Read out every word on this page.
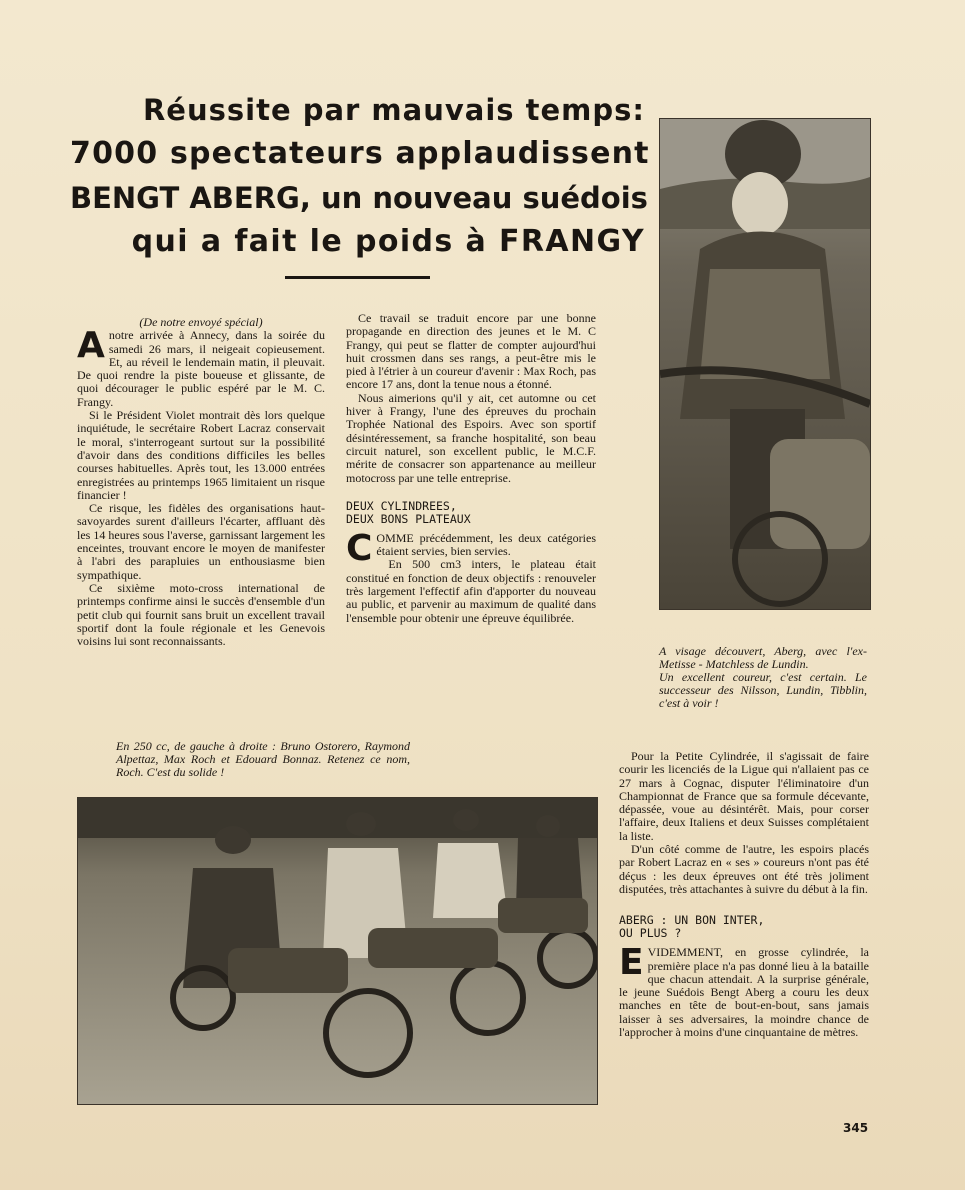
Réussite par mauvais temps:
7000 spectateurs applaudissent
BENGT ABERG, un nouveau suédois
qui a fait le poids à FRANGY

(De notre envoyé spécial)

Anotre arrivée à Annecy, dans la soirée du samedi 26 mars, il neigeait copieusement. Et, au réveil le lendemain matin, il pleuvait. De quoi rendre la piste boueuse et glissante, de quoi décourager le public espéré par le M. C. Frangy.

Si le Président Violet montrait dès lors quelque inquiétude, le secrétaire Robert Lacraz conservait le moral, s'interrogeant surtout sur la possibilité d'avoir dans des conditions difficiles les belles courses habituelles. Après tout, les 13.000 entrées enregistrées au printemps 1965 limitaient un risque financier !

Ce risque, les fidèles des organisations haut-savoyardes surent d'ailleurs l'écarter, affluant dès les 14 heures sous l'averse, garnissant largement les enceintes, trouvant encore le moyen de manifester à l'abri des parapluies un enthousiasme bien sympathique.

Ce sixième moto-cross international de printemps confirme ainsi le succès d'ensemble d'un petit club qui fournit sans bruit un excellent travail sportif dont la foule régionale et les Genevois voisins lui sont reconnaissants.

Ce travail se traduit encore par une bonne propagande en direction des jeunes et le M. C Frangy, qui peut se flatter de compter aujourd'hui huit crossmen dans ses rangs, a peut-être mis le pied à l'étrier à un coureur d'avenir : Max Roch, pas encore 17 ans, dont la tenue nous a étonné.

Nous aimerions qu'il y ait, cet automne ou cet hiver à Frangy, l'une des épreuves du prochain Trophée National des Espoirs. Avec son sportif désintéressement, sa franche hospitalité, son beau circuit naturel, son excellent public, le M.C.F. mérite de consacrer son appartenance au meilleur motocross par une telle entreprise.

DEUX CYLINDREES,
DEUX BONS PLATEAUX

COMME précédemment, les deux catégories étaient servies, bien servies.

En 500 cm3 inters, le plateau était constitué en fonction de deux objectifs : renouveler très largement l'effectif afin d'apporter du nouveau au public, et parvenir au maximum de qualité dans l'ensemble pour obtenir une épreuve équilibrée.

A visage découvert, Aberg, avec l'ex-Metisse - Matchless de Lundin.
Un excellent coureur, c'est certain. Le successeur des Nilsson, Lundin, Tibblin, c'est à voir !
En 250 cc, de gauche à droite : Bruno Ostorero, Raymond Alpettaz, Max Roch et Edouard Bonnaz. Retenez ce nom, Roch. C'est du solide !

Pour la Petite Cylindrée, il s'agissait de faire courir les licenciés de la Ligue qui n'allaient pas ce 27 mars à Cognac, disputer l'éliminatoire d'un Championnat de France que sa formule décevante, dépassée, voue au désintérêt. Mais, pour corser l'affaire, deux Italiens et deux Suisses complétaient la liste.

D'un côté comme de l'autre, les espoirs placés par Robert Lacraz en « ses » coureurs n'ont pas été déçus : les deux épreuves ont été très joliment disputées, très attachantes à suivre du début à la fin.

ABERG : UN BON INTER,
OU PLUS ?

EVIDEMMENT, en grosse cylindrée, la première place n'a pas donné lieu à la bataille que chacun attendait. A la surprise générale, le jeune Suédois Bengt Aberg a couru les deux manches en tête de bout-en-bout, sans jamais laisser à ses adversaires, la moindre chance de l'approcher à moins d'une cinquantaine de mètres.

345
